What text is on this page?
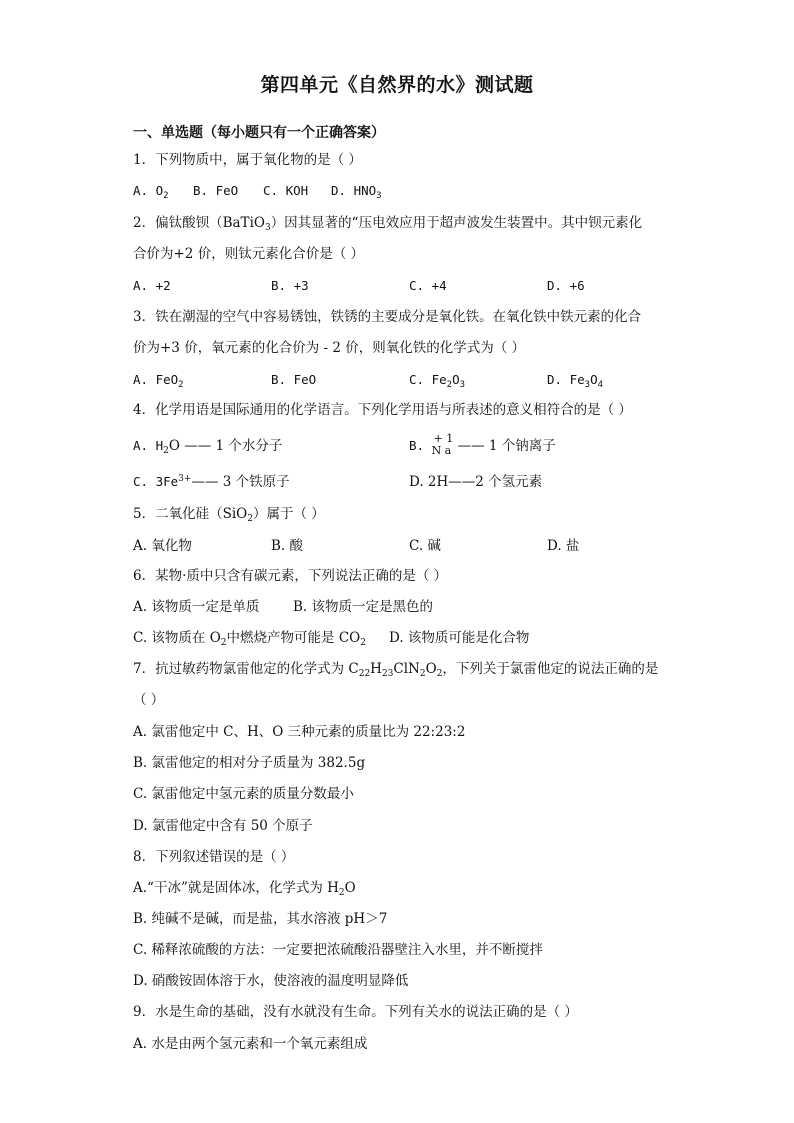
第四单元《自然界的水》测试题
一、单选题（每小题只有一个正确答案）
1．下列物质中，属于氧化物的是（ ）
A. $O_2$ B. FeO C. KOH D. $HNO_3$
2．偏钛酸钡（BaTiO$_3$）因其显著的“压电效应用于超声波发生装置中。其中钡元素化
合价为+2 价，则钛元素化合价是（ ）
A. +2	B. +3	C. +4	D. +6
3．铁在潮湿的空气中容易锈蚀，铁锈的主要成分是氧化铁。在氧化铁中铁元素的化合
价为+3 价，氧元素的化合价为 - 2 价，则氧化铁的化学式为（ ）
A. FeO$_2$	B. FeO	C. $Fe_2O_3$	D. $Fe_3O_4$
4．化学用语是国际通用的化学语言。下列化学用语与所表述的意义相符合的是（ ）
A. $H_2O$ —— 1 个水分子	B. + 1
N a —— 1 个钠离子
C. $3Fe^{3+}——$ 3 个铁原子	D. 2H——2 个氢元素
5．二氧化硅（SiO$_2$）属于（ ）
A. 氧化物	B. 酸	C. 碱	D. 盐
6．某物·质中只含有碳元素，下列说法正确的是（ ）
A. 该物质一定是单质 B. 该物质一定是黑色的
C. 该物质在 $O_2$中燃烧产物可能是 $CO_2$ D. 该物质可能是化合物
7．抗过敏药物氯雷他定的化学式为 $C_{22}H_{23}ClN_2O_2$，下列关于氯雷他定的说法正确的是
（ ）
A. 氯雷他定中 C、H、O 三种元素的质量比为 22:23:2
B. 氯雷他定的相对分子质量为 382.5g
C. 氯雷他定中氢元素的质量分数最小
D. 氯雷他定中含有 50 个原子
8．下列叙述错误的是（ ）
A.“干冰”就是固体冰，化学式为 $H_2O$
B. 纯碱不是碱，而是盐，其水溶液 pH＞7
C. 稀释浓硫酸的方法：一定要把浓硫酸沿器壁注入水里，并不断搅拌
D. 硝酸铵固体溶于水，使溶液的温度明显降低
9．水是生命的基础，没有水就没有生命。下列有关水的说法正确的是（ ）
A. 水是由两个氢元素和一个氧元素组成
